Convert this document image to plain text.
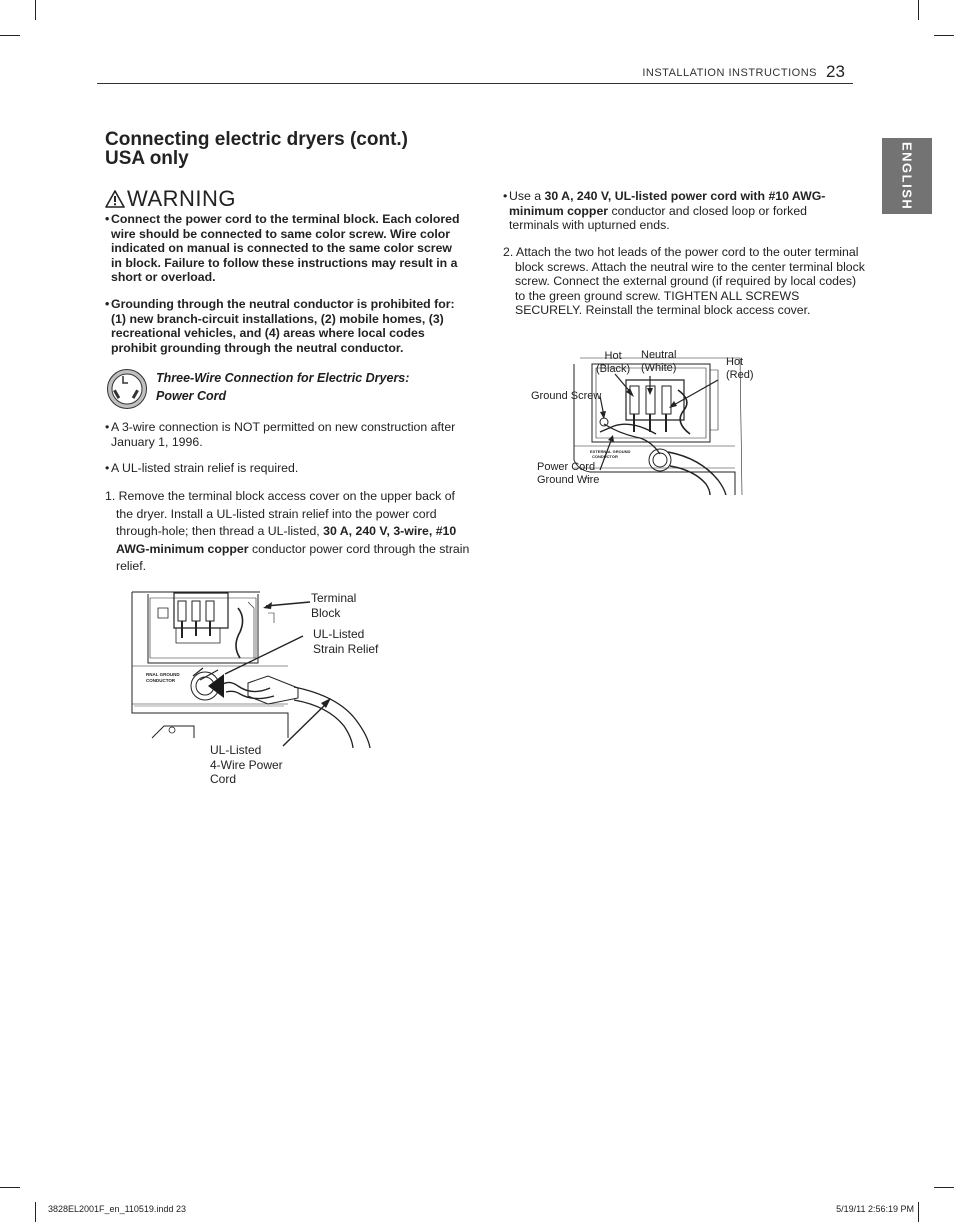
INSTALLATION INSTRUCTIONS 23
ENGLISH
Connecting electric dryers (cont.)
USA only
WARNING
• Connect the power cord to the terminal block. Each colored wire should be connected to same color screw. Wire color indicated on manual is connected to the same color screw in block. Failure to follow these instructions may result in a short or overload.
• Grounding through the neutral conductor is prohibited for: (1) new branch-circuit installations, (2) mobile homes, (3) recreational vehicles, and (4) areas where local codes prohibit grounding through the neutral conductor.
Three-Wire Connection for Electric Dryers: Power Cord
• A 3-wire connection is NOT permitted on new construction after January 1, 1996.
• A UL-listed strain relief is required.
1. Remove the terminal block access cover on the upper back of the dryer. Install a UL-listed strain relief into the power cord through-hole; then thread a UL-listed, 30 A, 240 V, 3-wire, #10 AWG-minimum copper conductor power cord through the strain relief.
RNAL GROUND
CONDUCTOR
Terminal
Block
UL-Listed
Strain Relief
UL-Listed
4-Wire Power
Cord
• Use a 30 A, 240 V, UL-listed power cord with #10 AWG-minimum copper conductor and closed loop or forked terminals with upturned ends.
2. Attach the two hot leads of the power cord to the outer terminal block screws. Attach the neutral wire to the center terminal block screw. Connect the external ground (if required by local codes) to the green ground screw. TIGHTEN ALL SCREWS SECURELY. Reinstall the terminal block access cover.
EXTERNAL GROUND
CONDUCTOR
Hot
(Black)
Neutral
(White)	Hot
(Red)
Ground Screw
Power Cord
Ground Wire
3828EL2001F_en_110519.indd 23	5/19/11 2:56:19 PM
